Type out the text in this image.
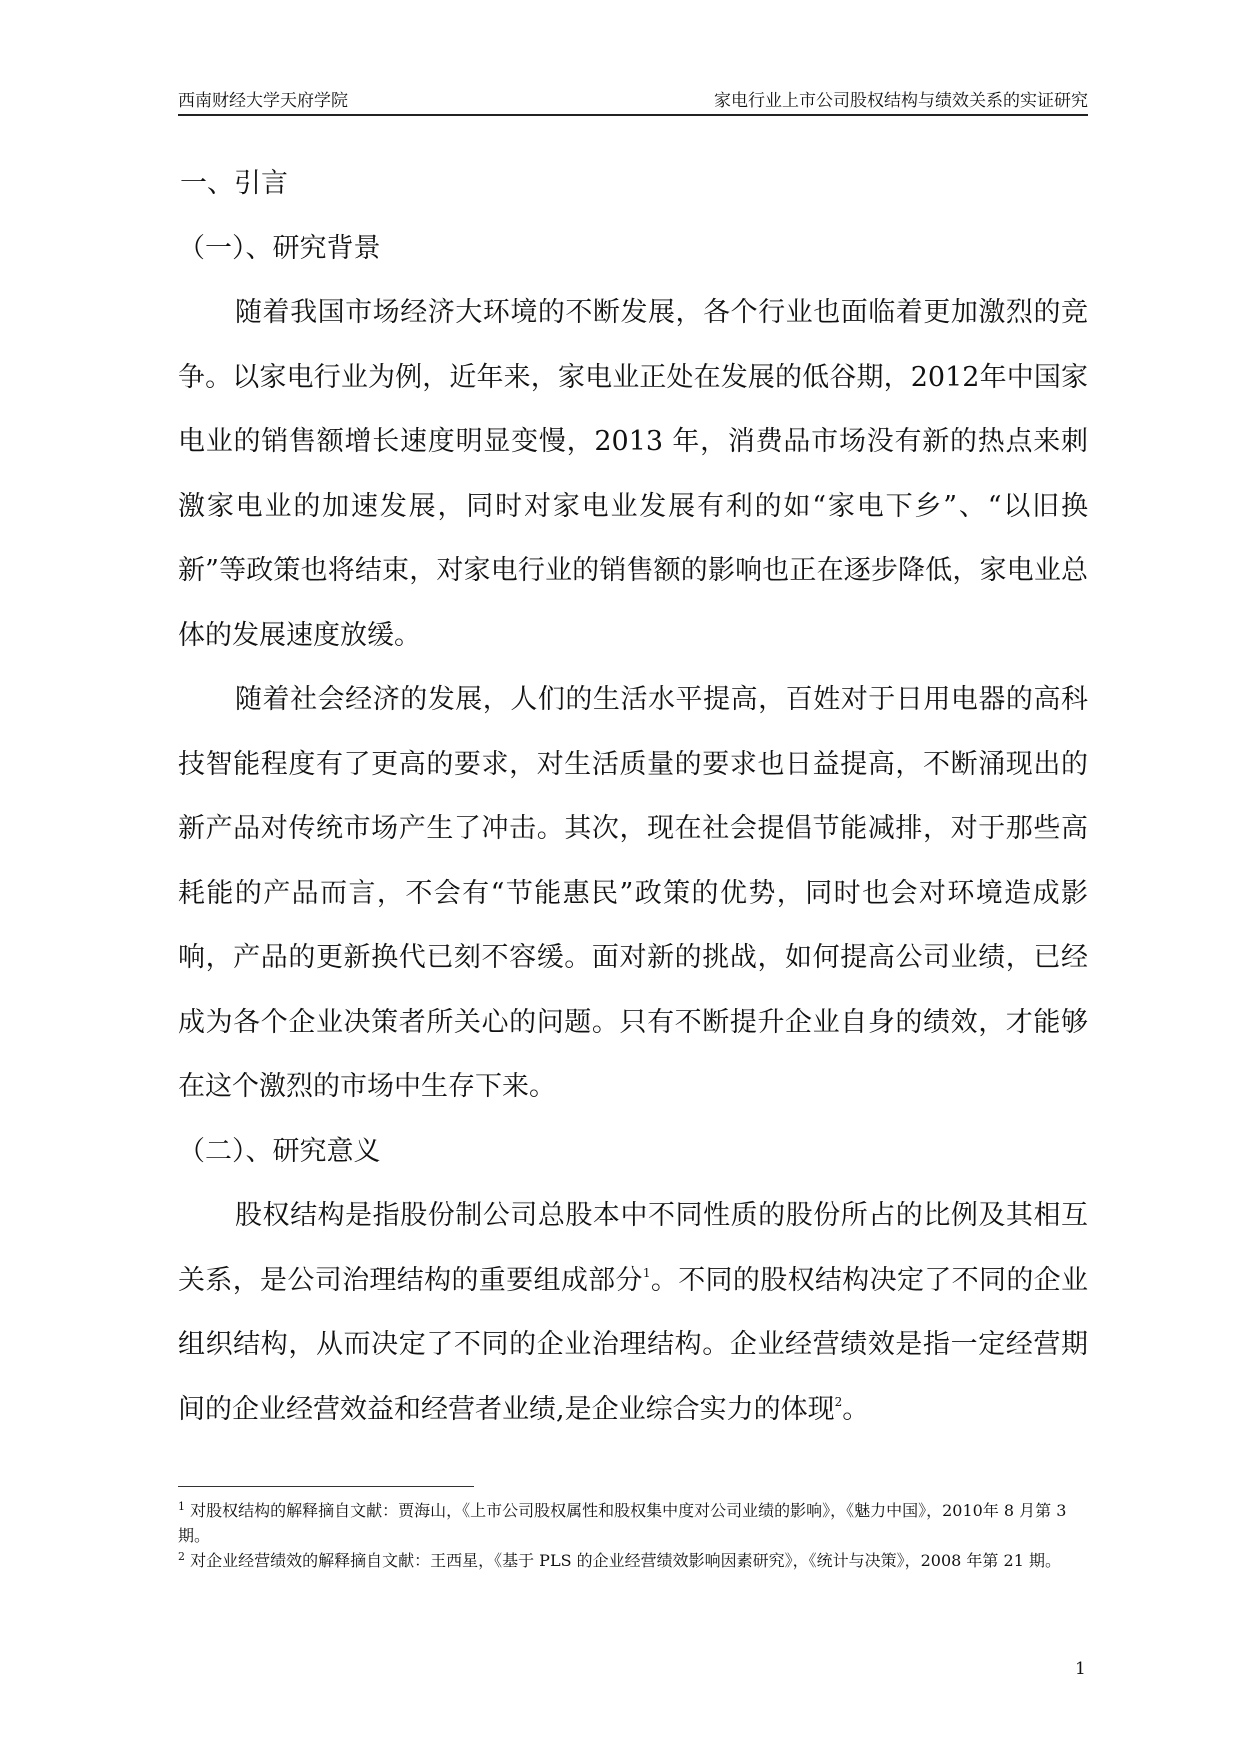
西南财经大学天府学院	家电行业上市公司股权结构与绩效关系的实证研究

一、引言

（一）、研究背景

随着我国市场经济大环境的不断发展，各个行业也面临着更加激烈的竞争。以家电行业为例，近年来，家电业正处在发展的低谷期，2012年中国家电业的销售额增长速度明显变慢，2013 年，消费品市场没有新的热点来刺激家电业的加速发展，同时对家电业发展有利的如“家电下乡”、“以旧换新”等政策也将结束，对家电行业的销售额的影响也正在逐步降低，家电业总体的发展速度放缓。

随着社会经济的发展，人们的生活水平提高，百姓对于日用电器的高科技智能程度有了更高的要求，对生活质量的要求也日益提高，不断涌现出的新产品对传统市场产生了冲击。其次，现在社会提倡节能减排，对于那些高耗能的产品而言，不会有“节能惠民”政策的优势，同时也会对环境造成影响，产品的更新换代已刻不容缓。面对新的挑战，如何提高公司业绩，已经成为各个企业决策者所关心的问题。只有不断提升企业自身的绩效，才能够在这个激烈的市场中生存下来。

（二）、研究意义

股权结构是指股份制公司总股本中不同性质的股份所占的比例及其相互关系，是公司治理结构的重要组成部分$^1$。不同的股权结构决定了不同的企业组织结构，从而决定了不同的企业治理结构。企业经营绩效是指一定经营期间的企业经营效益和经营者业绩,是企业综合实力的体现$^2$。

$^1$ 对股权结构的解释摘自文献：贾海山，《上市公司股权属性和股权集中度对公司业绩的影响》，《魅力中国》，2010年 8 月第 3 期。

$^2$ 对企业经营绩效的解释摘自文献：王西星，《基于 PLS 的企业经营绩效影响因素研究》，《统计与决策》，2008 年第 21 期。

1
